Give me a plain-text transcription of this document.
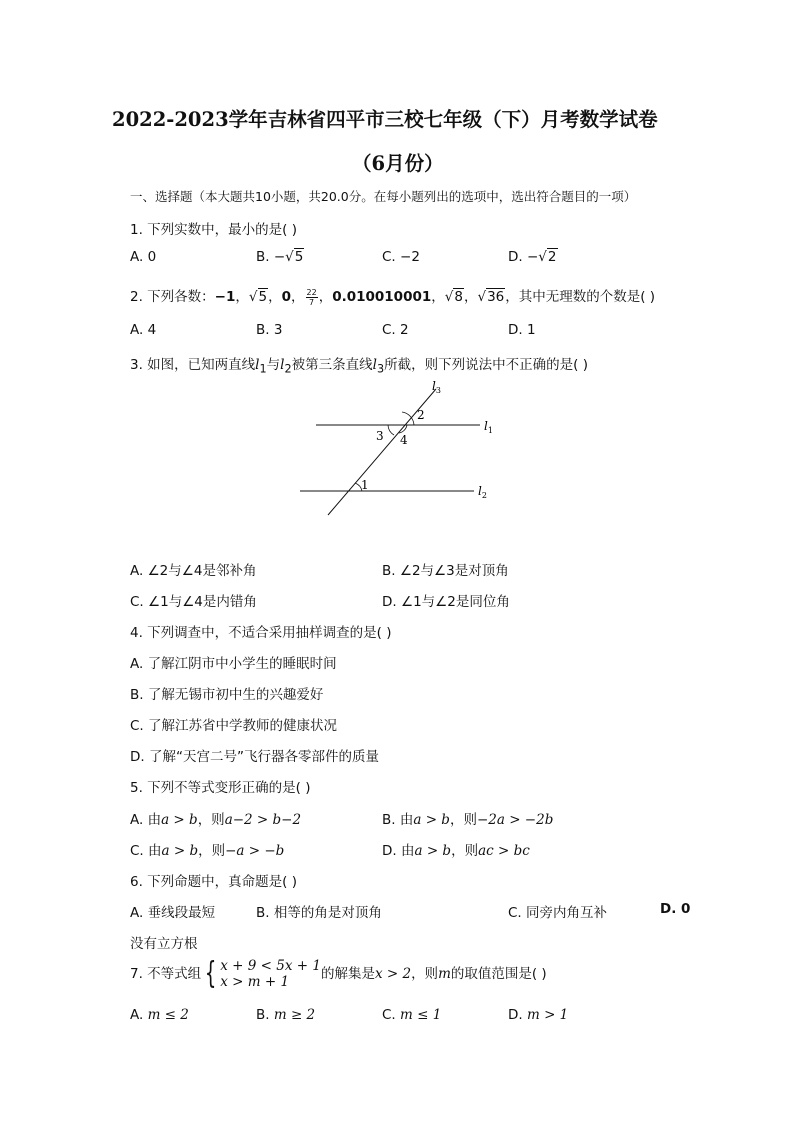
2022-2023学年吉林省四平市三校七年级（下）月考数学试卷
（6月份）
一、选择题（本大题共10小题，共20.0分。在每小题列出的选项中，选出符合题目的一项）
1. 下列实数中，最小的是( )
A. 0	B. −√5	C. −2	D. −√2
2. 下列各数：−1，√5，0， $\frac{22}{7}$ ，0.010010001，√8，√36，其中无理数的个数是( )
A. 4	B. 3	C. 2	D. 1
3. 如图，已知两直线$l_1$与$l_2$被第三条直线$l_3$所截，则下列说法中不正确的是( )
$l_3$
$l_1$
$l_2$
2
3 4
1
A. ∠2与∠4是邻补角	B. ∠2与∠3是对顶角
C. ∠1与∠4是内错角	D. ∠1与∠2是同位角
4. 下列调查中，不适合采用抽样调查的是( )
A. 了解江阴市中小学生的睡眠时间
B. 了解无锡市初中生的兴趣爱好
C. 了解江苏省中学教师的健康状况
D. 了解“天宫二号”飞行器各零部件的质量
5. 下列不等式变形正确的是( )
A. 由a > b，则a−2 > b−2	B. 由a > b，则−2a > −2b
C. 由a > b，则−a > −b	D. 由a > b，则ac > bc
6. 下列命题中，真命题是( )
A. 垂线段最短	B. 相等的角是对顶角	C. 同旁内角互补	D. 0
没有立方根
7. 不等式组 { x + 9 < 5x + 1
x > m + 1	的解集是x > 2，则m的取值范围是( )
A. m ≤ 2	B. m ≥ 2	C. m ≤ 1	D. m > 1
